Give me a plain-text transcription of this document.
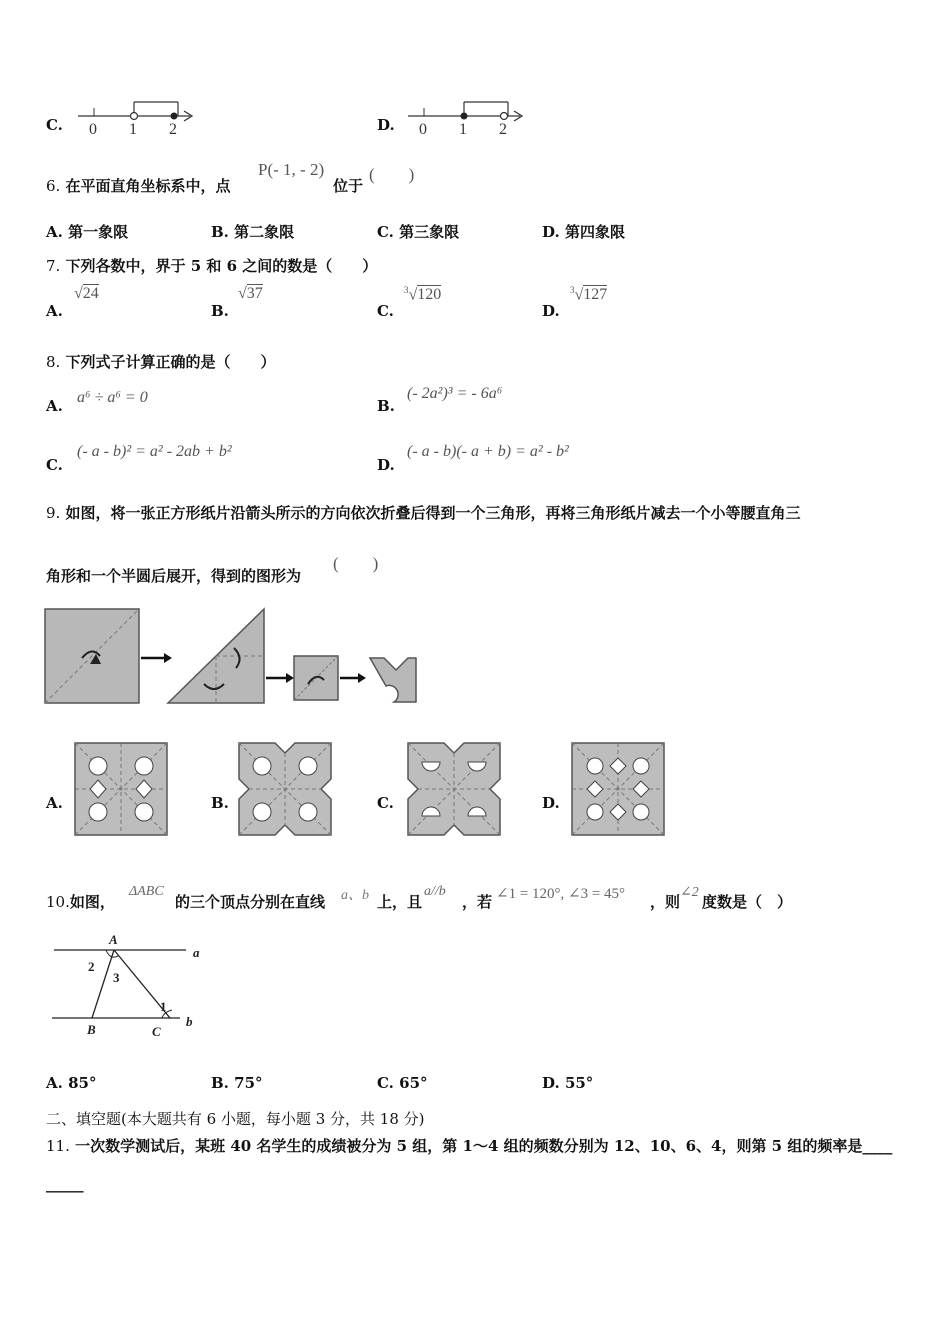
C. 0 1 2	D. 0 1 2
6. 在平面直角坐标系中，点
P(- 1, - 2)
位于
(　　)
A. 第一象限	B. 第二象限	C. 第三象限	D. 第四象限
7. 下列各数中，界于 5 和 6 之间的数是（　　）
A.
√24
B.
√37
C.
$^3$√120
D.
$^3$√127
8. 下列式子计算正确的是（　　）
A. a⁶ ÷ a⁶ = 0	B.
(- 2a²)³ = - 6a⁶
C.
(- a - b)² = a² - 2ab + b²
D.
(- a - b)(- a + b) = a² - b²
9. 如图，将一张正方形纸片沿箭头所示的方向依次折叠后得到一个三角形，再将三角形纸片减去一个小等腰直角三
角形和一个半圆后展开，得到的图形为
(　　)
A.	B.	C.	D.
10.如图，
ΔABC
的三个顶点分别在直线 a、b 上，且
a//b
，若 ∠1 = 120°, ∠3 = 45° ，则
∠2
度数是（　）
A
B	C
2
3
1
a
b
A. 85°	B. 75°	C. 65°	D. 55°
二、填空题(本大题共有 6 小题，每小题 3 分，共 18 分)
11. 一次数学测试后，某班 40 名学生的成绩被分为 5 组，第 1～4 组的频数分别为 12、10、6、4，则第 5 组的频率是____
_____
